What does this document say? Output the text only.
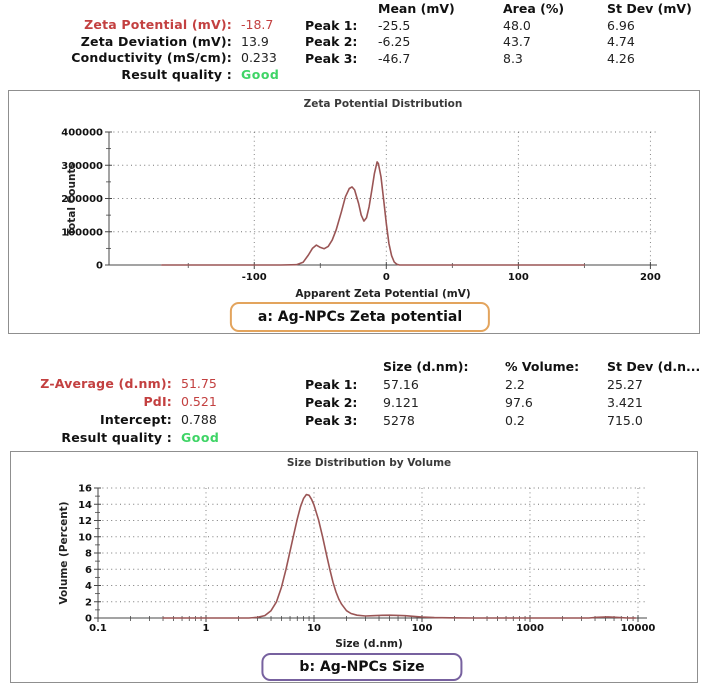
Zeta Potential (mV): -18.7
Zeta Deviation (mV): 13.9
Conductivity (mS/cm): 0.233
Result quality : Good
Mean (mV)	Area (%)	St Dev (mV)
Peak 1:	-25.5	48.0	6.96
Peak 2:	-6.25	43.7	4.74
Peak 3:	-46.7	8.3	4.26
-100	0	100	200
0
100000
200000
300000
400000
Zeta Potential Distribution
Apparent Zeta Potential (mV)
Total Counts
a: Ag-NPCs Zeta potential
Z-Average (d.nm): 51.75
PdI: 0.521
Intercept: 0.788
Result quality : Good
Size (d.nm):	% Volume:	St Dev (d.n...
Peak 1:	57.16	2.2	25.27
Peak 2:	9.121	97.6	3.421
Peak 3:	5278	0.2	715.0
0.1	1	10	100	1000	10000
0
2
4
6
8
10
12
14
16
Size Distribution by Volume
Size (d.nm)
Volume (Percent)
b: Ag-NPCs Size
